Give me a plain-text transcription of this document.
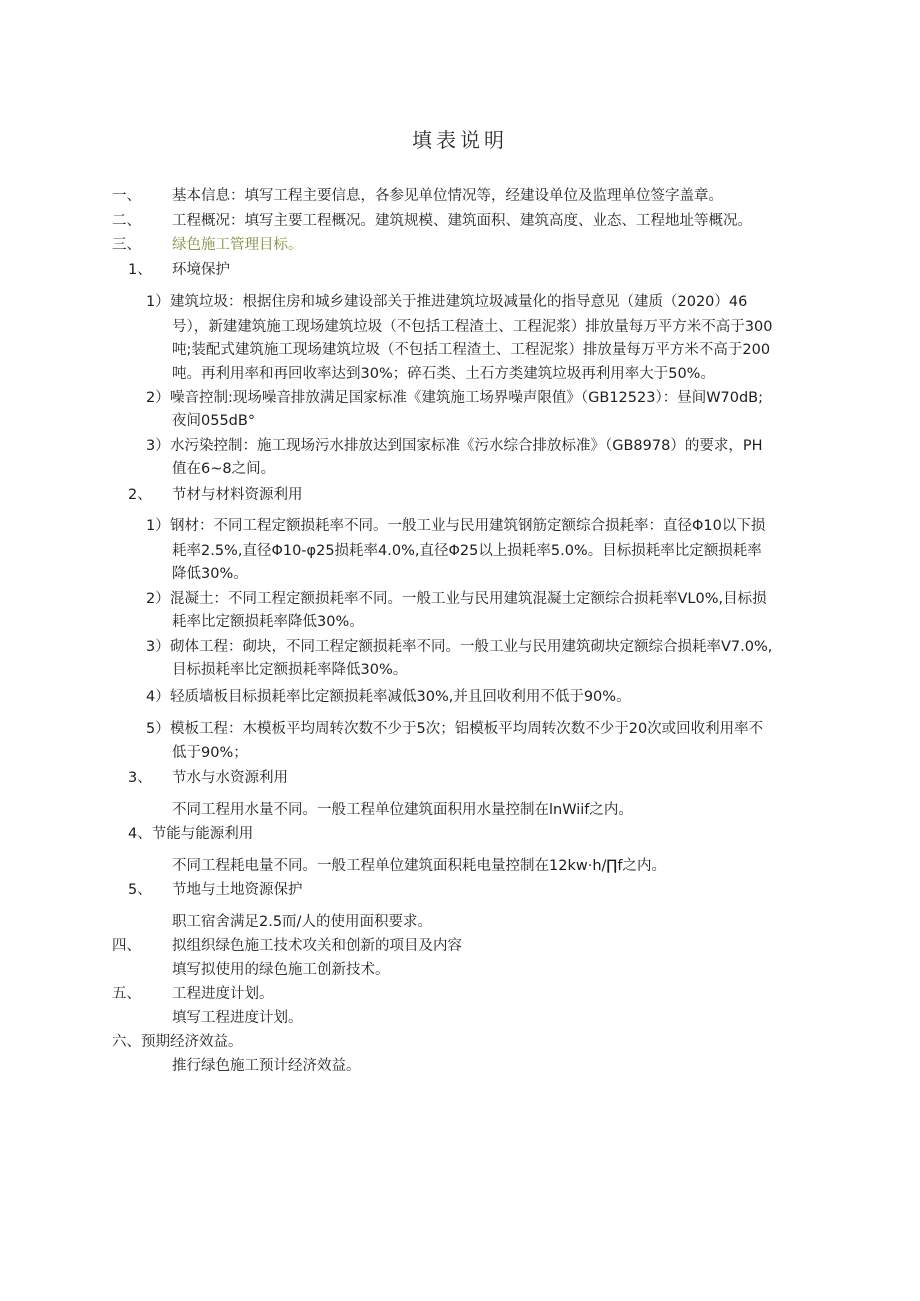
填表说明
一、 基本信息：填写工程主要信息，各参见单位情况等，经建设单位及监理单位签字盖章。
二、 工程概况：填写主要工程概况。建筑规模、建筑面积、建筑高度、业态、工程地址等概况。
三、 绿色施工管理目标。
1、 环境保护
1） 建筑垃圾：根据住房和城乡建设部关于推进建筑垃圾减量化的指导意见（建质（2020）46
号），新建建筑施工现场建筑垃圾（不包括工程渣土、工程泥浆）排放量每万平方米不高于300
吨;装配式建筑施工现场建筑垃圾（不包括工程渣土、工程泥浆）排放量每万平方米不高于200
吨。再利用率和再回收率达到30%；碎石类、土石方类建筑垃圾再利用率大于50%。
2） 噪音控制:现场噪音排放满足国家标准《建筑施工场界噪声限值》（GB12523）：昼间W70dB;
夜间055dB°
3） 水污染控制：施工现场污水排放达到国家标准《污水综合排放标准》（GB8978）的要求，PH
值在6~8之间。
2、 节材与材料资源利用
1） 钢材：不同工程定额损耗率不同。一般工业与民用建筑钢筋定额综合损耗率：直径Φ10以下损
耗率2.5%,直径Φ10-φ25损耗率4.0%,直径Φ25以上损耗率5.0%。目标损耗率比定额损耗率
降低30%。
2） 混凝土：不同工程定额损耗率不同。一般工业与民用建筑混凝土定额综合损耗率VL0%,目标损
耗率比定额损耗率降低30%。
3） 砌体工程：砌块，不同工程定额损耗率不同。一般工业与民用建筑砌块定额综合损耗率V7.0%,
目标损耗率比定额损耗率降低30%。
4） 轻质墙板目标损耗率比定额损耗率减低30%,并且回收利用不低于90%。
5） 模板工程：木模板平均周转次数不少于5次；铝模板平均周转次数不少于20次或回收利用率不
低于90%；
3、 节水与水资源利用
不同工程用水量不同。一般工程单位建筑面积用水量控制在lnWiif之内。
4、节能与能源利用
不同工程耗电量不同。一般工程单位建筑面积耗电量控制在12kw·h∕∏f之内。
5、 节地与土地资源保护
职工宿舍满足2.5而/人的使用面积要求。
四、 拟组织绿色施工技术攻关和创新的项目及内容
填写拟使用的绿色施工创新技术。
五、 工程进度计划。
填写工程进度计划。
六、预期经济效益。
推行绿色施工预计经济效益。
